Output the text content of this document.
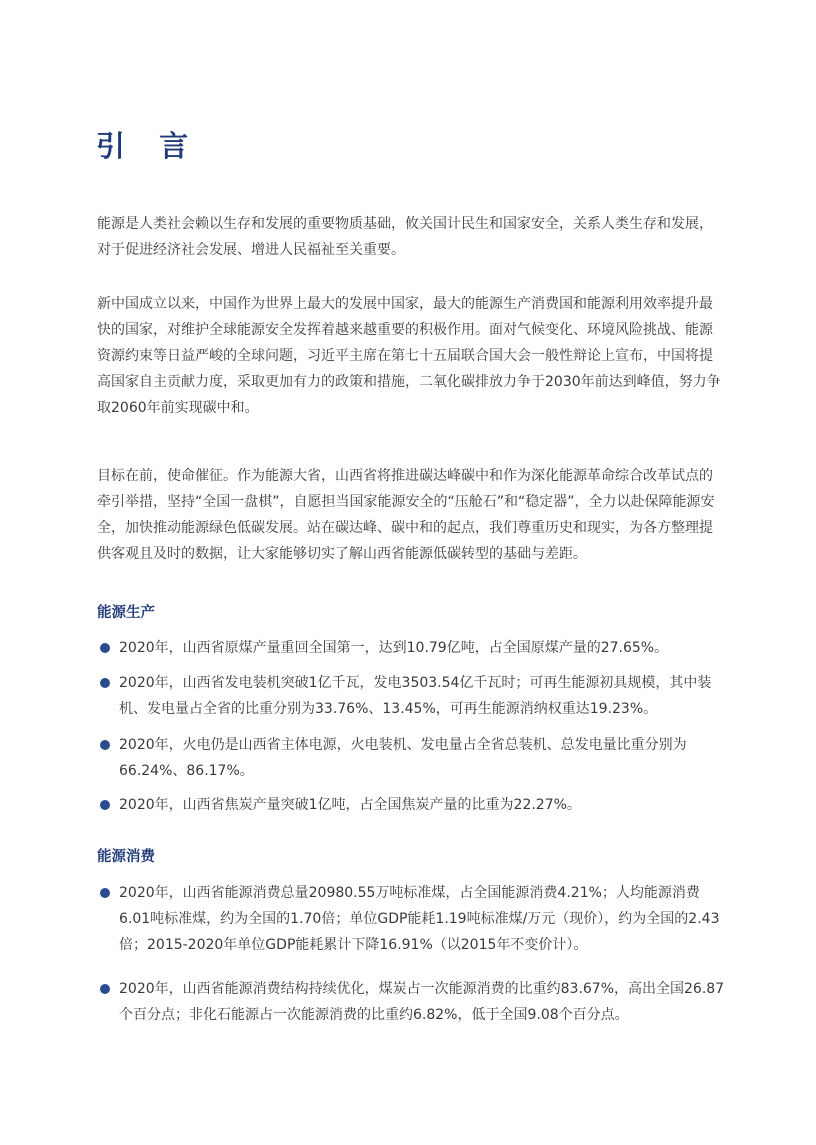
引 言

能源是人类社会赖以生存和发展的重要物质基础，攸关国计民生和国家安全，关系人类生存和发展，对于促进经济社会发展、增进人民福祉至关重要。

新中国成立以来，中国作为世界上最大的发展中国家，最大的能源生产消费国和能源利用效率提升最快的国家，对维护全球能源安全发挥着越来越重要的积极作用。面对气候变化、环境风险挑战、能源资源约束等日益严峻的全球问题，习近平主席在第七十五届联合国大会一般性辩论上宣布，中国将提高国家自主贡献力度，采取更加有力的政策和措施，二氧化碳排放力争于2030年前达到峰值，努力争取2060年前实现碳中和。

目标在前，使命催征。作为能源大省，山西省将推进碳达峰碳中和作为深化能源革命综合改革试点的牵引举措，坚持“全国一盘棋”，自愿担当国家能源安全的“压舱石”和“稳定器”，全力以赴保障能源安全，加快推动能源绿色低碳发展。站在碳达峰、碳中和的起点，我们尊重历史和现实，为各方整理提供客观且及时的数据，让大家能够切实了解山西省能源低碳转型的基础与差距。

能源生产
2020年，山西省原煤产量重回全国第一，达到10.79亿吨，占全国原煤产量的27.65%。
2020年，山西省发电装机突破1亿千瓦，发电3503.54亿千瓦时；可再生能源初具规模，其中装机、发电量占全省的比重分别为33.76%、13.45%，可再生能源消纳权重达19.23%。
2020年，火电仍是山西省主体电源，火电装机、发电量占全省总装机、总发电量比重分别为66.24%、86.17%。
2020年，山西省焦炭产量突破1亿吨，占全国焦炭产量的比重为22.27%。
能源消费
2020年，山西省能源消费总量20980.55万吨标准煤，占全国能源消费4.21%；人均能源消费6.01吨标准煤，约为全国的1.70倍；单位GDP能耗1.19吨标准煤/万元（现价），约为全国的2.43倍；2015-2020年单位GDP能耗累计下降16.91%（以2015年不变价计）。
2020年，山西省能源消费结构持续优化，煤炭占一次能源消费的比重约83.67%，高出全国26.87个百分点；非化石能源占一次能源消费的比重约6.82%，低于全国9.08个百分点。
